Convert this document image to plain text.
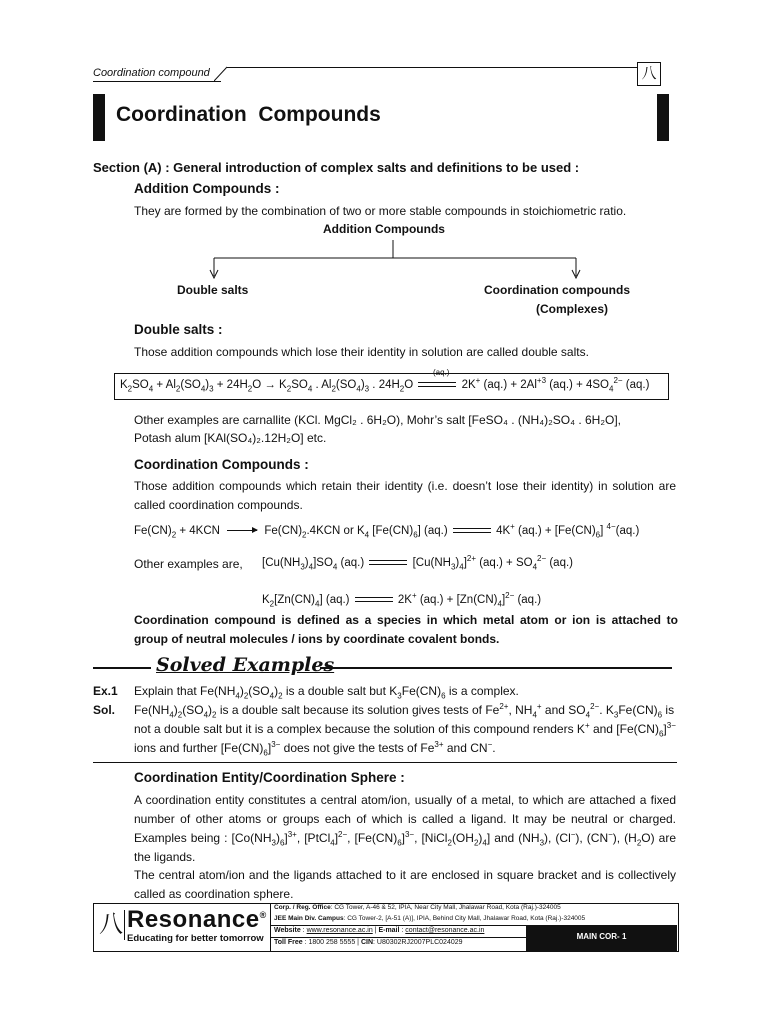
Coordination compound	八
Coordination  Compounds
Section (A) : General introduction of complex salts and definitions to be used :
Addition Compounds :
They are formed by the combination of two or more stable compounds in stoichiometric ratio.
Addition Compounds
Double salts	Coordination compounds
(Complexes)
Double salts :
Those addition compounds which lose their identity in solution are called double salts.
(aq.)
$K_2SO_4 + Al_2(SO_4)_3 + 24H_2O \to K_2SO_4$ . $Al_2(SO_4)_3$ . $24H_2O$	2K+ $(aq.) + 2Al^{+3}$ $(aq.) + 4SO_4^{2-}$ (aq.)
Other examples are carnallite (KCl. MgCl₂ . 6H₂O), Mohr’s salt [FeSO₄ . (NH₄)₂SO₄ . 6H₂O],
Potash alum [KAl(SO₄)₂.12H₂O] etc.
Coordination Compounds :
Those addition compounds which retain their identity (i.e. doesn’t lose their identity) in solution are called coordination compounds.
$Fe(CN)_2 + 4KCN$	$Fe(CN)_2.4KCN$ or $K_4$ $[Fe(CN)_6]$ (aq.)	4K+ $(aq.) + [Fe(CN)_6]$ $^{4-}$(aq.)
Other examples are, $[Cu(NH_3)_4]SO_4$ (aq.)	$[Cu(NH_3)_4]^{2+}$ $(aq.) + SO_4^{2-}$ (aq.)
$K_2[Zn(CN)_4]$ (aq.)	2K+ $(aq.) + [Zn(CN)_4]^{2-}$ (aq.)
Coordination compound is defined as a species in which metal atom or ion is attached to group of neutral molecules / ions by coordinate covalent bonds.
Solved Examples
Ex.1 Explain that $Fe(NH_4)_2(SO_4)_2$ is a double salt but $K_3Fe(CN)_6$ is a complex.
Sol. $Fe(NH_4)_2(SO_4)_2$ is a double salt because its solution gives tests of $Fe^{2+}$, $NH_4^+$ and $SO_4^{2-}$. $K_3Fe(CN)_6$ is
not a double salt but it is a complex because the solution of this compound renders K+ and $[Fe(CN)_6]^{3-}$
ions and further $[Fe(CN)_6]^{3-}$ does not give the tests of $Fe^{3+}$ and CN−.
Coordination Entity/Coordination Sphere :
A coordination entity constitutes a central atom/ion, usually of a metal, to which are attached a fixed number of other atoms or groups each of which is called a ligand. It may be neutral or charged. Examples being : $[Co(NH_3)_6]^{3+}$, [PtCl$_4$]$^{2-}$, $[Fe(CN)_6]^{3-}$, $[NiCl_2(OH_2)_4]$ and $(NH_3)$, (Cl−), (CN−), $(H_2O)$ are the ligands.
The central atom/ion and the ligands attached to it are enclosed in square bracket and is collectively called as coordination sphere.
八 Resonance®
Educating for better tomorrow
Corp. / Reg. Office: CG Tower, A-46 & 52, IPIA, Near City Mall, Jhalawar Road, Kota (Raj.)-324005
JEE Main Div. Campus: CG Tower-2, [A-51 (A)], IPIA, Behind City Mall, Jhalawar Road, Kota (Raj.)-324005
Website : www.resonance.ac.in | E-mail : contact@resonance.ac.in
Toll Free : 1800 258 5555 | CIN: U80302RJ2007PLC024029
MAIN COR- 1
